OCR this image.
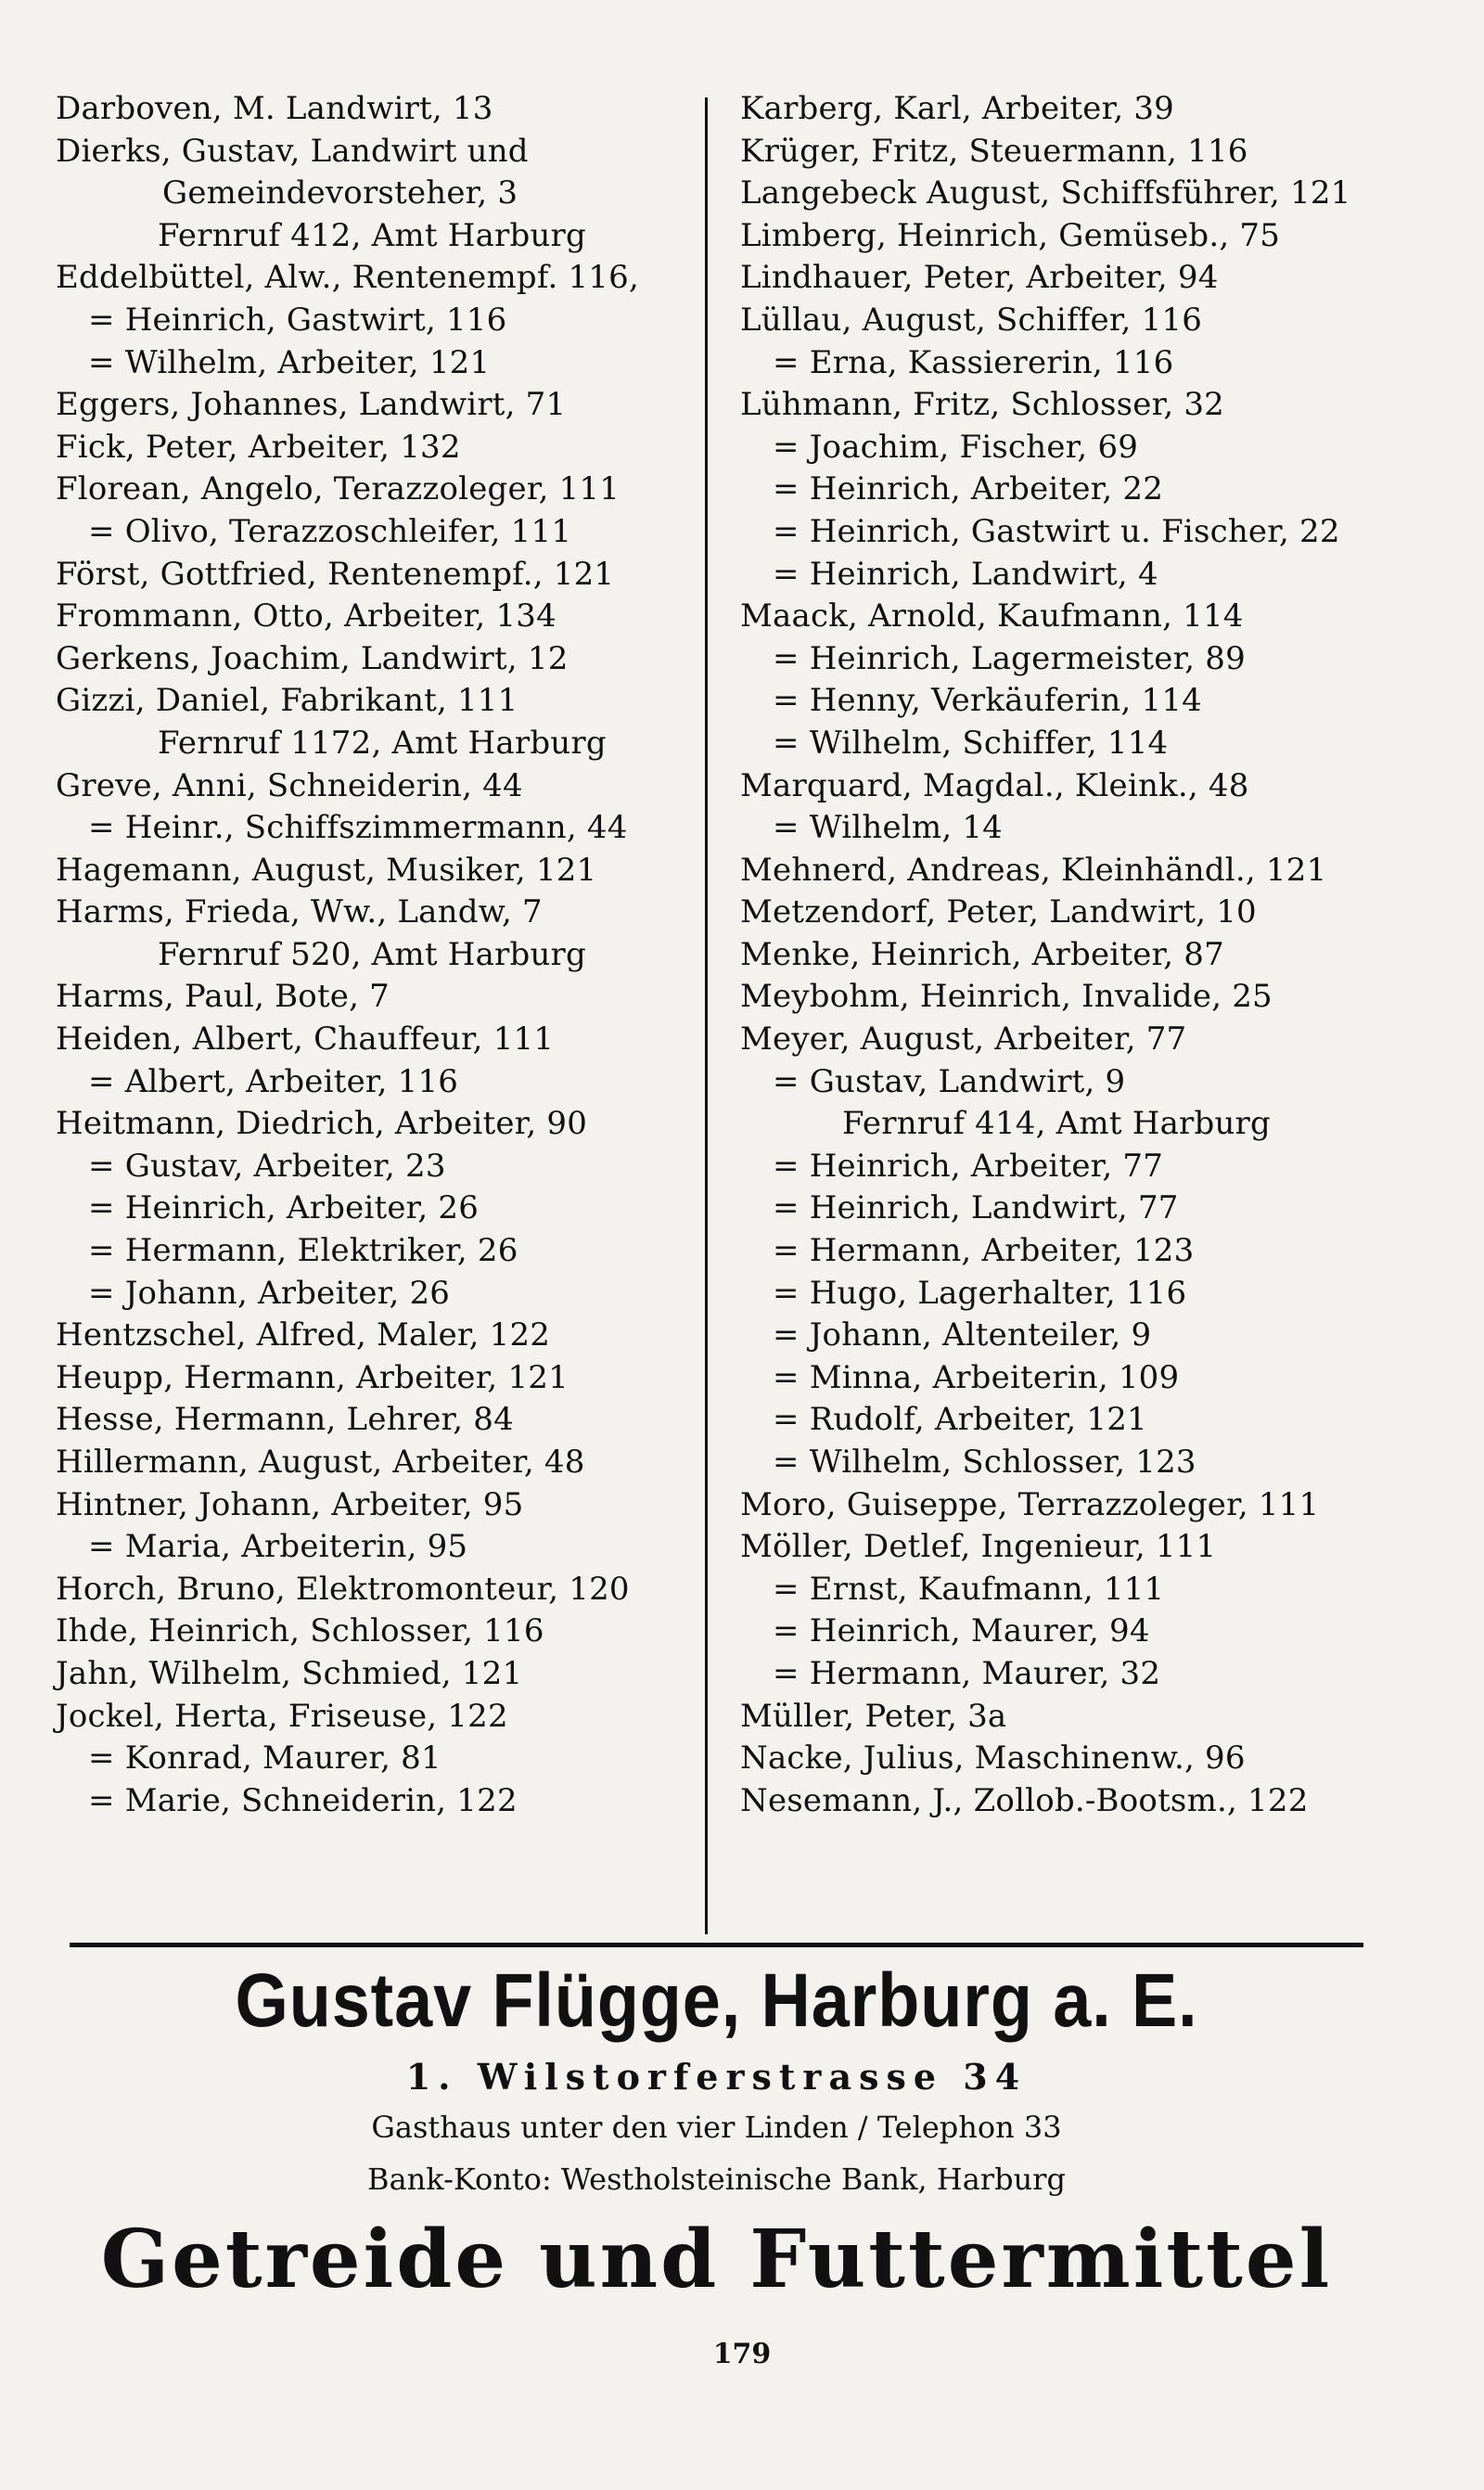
Darboven, M. Landwirt, 13
Dierks, Gustav, Landwirt und
Gemeindevorsteher, 3
Fernruf 412, Amt Harburg
Eddelbüttel, Alw., Rentenempf. 116,
= Heinrich, Gastwirt, 116
= Wilhelm, Arbeiter, 121
Eggers, Johannes, Landwirt, 71
Fick, Peter, Arbeiter, 132
Florean, Angelo, Terazzoleger, 111
= Olivo, Terazzoschleifer, 111
Först, Gottfried, Rentenempf., 121
Frommann, Otto, Arbeiter, 134
Gerkens, Joachim, Landwirt, 12
Gizzi, Daniel, Fabrikant, 111
Fernruf 1172, Amt Harburg
Greve, Anni, Schneiderin, 44
= Heinr., Schiffszimmermann, 44
Hagemann, August, Musiker, 121
Harms, Frieda, Ww., Landw, 7
Fernruf 520, Amt Harburg
Harms, Paul, Bote, 7
Heiden, Albert, Chauffeur, 111
= Albert, Arbeiter, 116
Heitmann, Diedrich, Arbeiter, 90
= Gustav, Arbeiter, 23
= Heinrich, Arbeiter, 26
= Hermann, Elektriker, 26
= Johann, Arbeiter, 26
Hentzschel, Alfred, Maler, 122
Heupp, Hermann, Arbeiter, 121
Hesse, Hermann, Lehrer, 84
Hillermann, August, Arbeiter, 48
Hintner, Johann, Arbeiter, 95
= Maria, Arbeiterin, 95
Horch, Bruno, Elektromonteur, 120
Ihde, Heinrich, Schlosser, 116
Jahn, Wilhelm, Schmied, 121
Jockel, Herta, Friseuse, 122
= Konrad, Maurer, 81
= Marie, Schneiderin, 122
Karberg, Karl, Arbeiter, 39
Krüger, Fritz, Steuermann, 116
Langebeck August, Schiffsführer, 121
Limberg, Heinrich, Gemüseb., 75
Lindhauer, Peter, Arbeiter, 94
Lüllau, August, Schiffer, 116
= Erna, Kassiererin, 116
Lühmann, Fritz, Schlosser, 32
= Joachim, Fischer, 69
= Heinrich, Arbeiter, 22
= Heinrich, Gastwirt u. Fischer, 22
= Heinrich, Landwirt, 4
Maack, Arnold, Kaufmann, 114
= Heinrich, Lagermeister, 89
= Henny, Verkäuferin, 114
= Wilhelm, Schiffer, 114
Marquard, Magdal., Kleink., 48
= Wilhelm, 14
Mehnerd, Andreas, Kleinhändl., 121
Metzendorf, Peter, Landwirt, 10
Menke, Heinrich, Arbeiter, 87
Meybohm, Heinrich, Invalide, 25
Meyer, August, Arbeiter, 77
= Gustav, Landwirt, 9
Fernruf 414, Amt Harburg
= Heinrich, Arbeiter, 77
= Heinrich, Landwirt, 77
= Hermann, Arbeiter, 123
= Hugo, Lagerhalter, 116
= Johann, Altenteiler, 9
= Minna, Arbeiterin, 109
= Rudolf, Arbeiter, 121
= Wilhelm, Schlosser, 123
Moro, Guiseppe, Terrazzoleger, 111
Möller, Detlef, Ingenieur, 111
= Ernst, Kaufmann, 111
= Heinrich, Maurer, 94
= Hermann, Maurer, 32
Müller, Peter, 3a
Nacke, Julius, Maschinenw., 96
Nesemann, J., Zollob.-Bootsm., 122
Gustav Flügge, Harburg a. E.
1. Wilstorferstrasse 34
Gasthaus unter den vier Linden / Telephon 33
Bank-Konto: Westholsteinische Bank, Harburg
Getreide und Futtermittel
179
